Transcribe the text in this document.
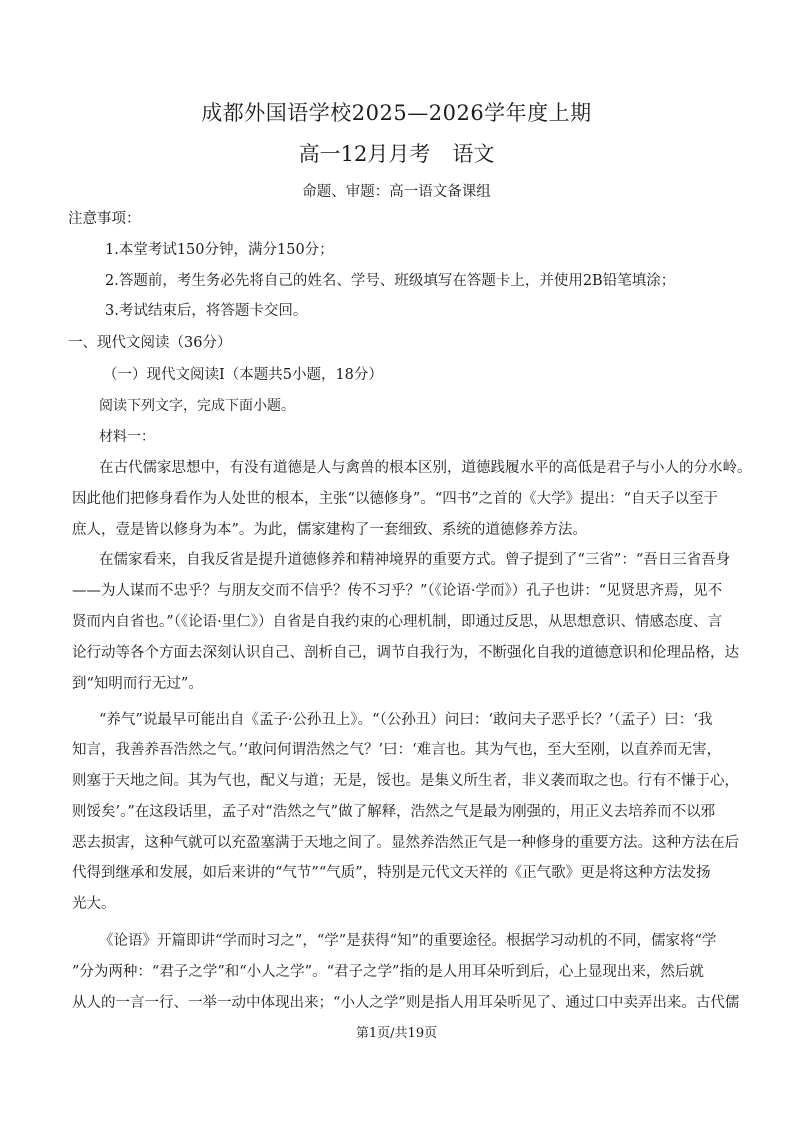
成都外国语学校2025—2026学年度上期
高一12月月考 语文
命题、审题：高一语文备课组
注意事项：
1.本堂考试150分钟，满分150分；
2.答题前，考生务必先将自己的姓名、学号、班级填写在答题卡上，并使用2B铅笔填涂；
3.考试结束后，将答题卡交回。
一、现代文阅读（36分）
（一）现代文阅读Ⅰ（本题共5小题，18分）
阅读下列文字，完成下面小题。
材料一：
在古代儒家思想中，有没有道德是人与禽兽的根本区别，道德践履水平的高低是君子与小人的分水岭。
因此他们把修身看作为人处世的根本，主张“以德修身”。“四书”之首的《大学》提出：“自天子以至于
庶人，壹是皆以修身为本”。为此，儒家建构了一套细致、系统的道德修养方法。
在儒家看来，自我反省是提升道德修养和精神境界的重要方式。曾子提到了“三省”：“吾日三省吾身
——为人谋而不忠乎？与朋友交而不信乎？传不习乎？”（《论语·学而》）孔子也讲：“见贤思齐焉，见不
贤而内自省也。”（《论语·里仁》）自省是自我约束的心理机制，即通过反思，从思想意识、情感态度、言
论行动等各个方面去深刻认识自己、剖析自己，调节自我行为，不断强化自我的道德意识和伦理品格，达
到“知明而行无过”。
“养气”说最早可能出自《孟子·公孙丑上》。“（公孙丑）问曰：‘敢问夫子恶乎长？’（孟子）曰：‘我
知言，我善养吾浩然之气。’‘敢问何谓浩然之气？’曰：‘难言也。其为气也，至大至刚，以直养而无害，
则塞于天地之间。其为气也，配义与道；无是，馁也。是集义所生者，非义袭而取之也。行有不慊于心，
则馁矣’。”在这段话里，孟子对“浩然之气”做了解释，浩然之气是最为刚强的，用正义去培养而不以邪
恶去损害，这种气就可以充盈塞满于天地之间了。显然养浩然正气是一种修身的重要方法。这种方法在后
代得到继承和发展，如后来讲的“气节”“气质”，特别是元代文天祥的《正气歌》更是将这种方法发扬
光大。
《论语》开篇即讲“学而时习之”，“学”是获得“知”的重要途径。根据学习动机的不同，儒家将“学
”分为两种：“君子之学”和“小人之学”。“君子之学”指的是人用耳朵听到后，心上显现出来，然后就
从人的一言一行、一举一动中体现出来；“小人之学”则是指人用耳朵听见了、通过口中卖弄出来。古代儒
第1页/共19页
